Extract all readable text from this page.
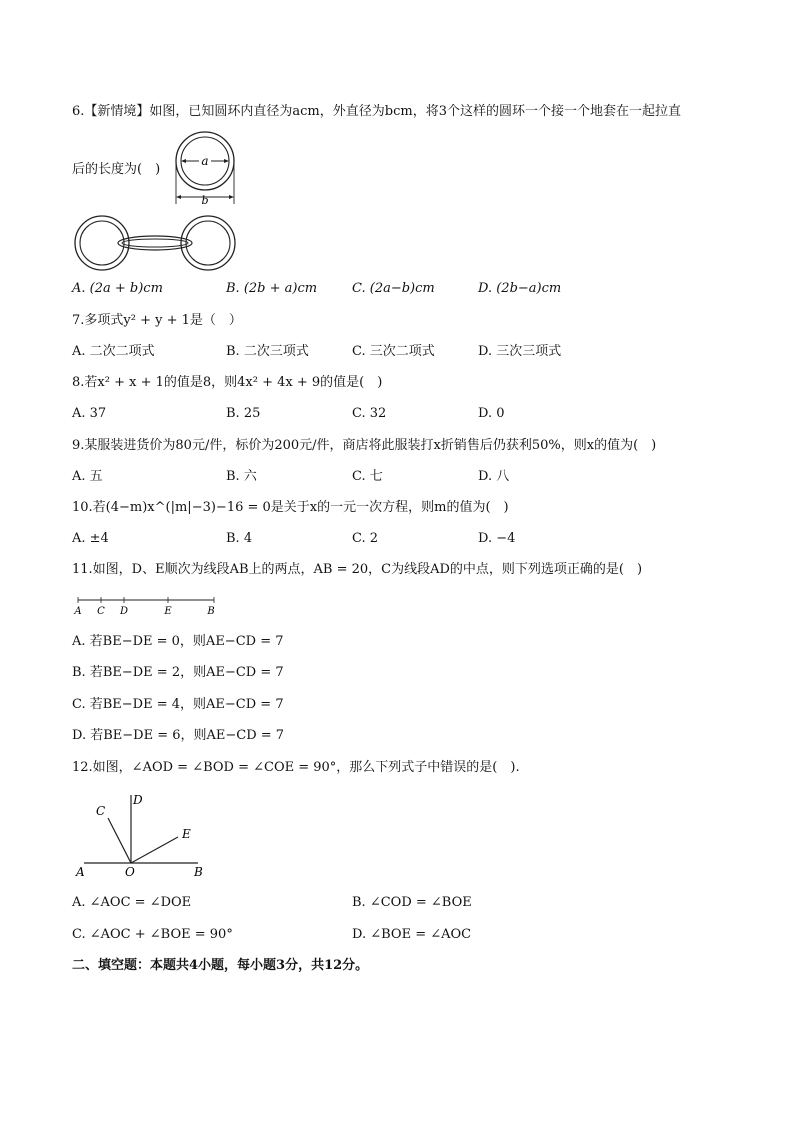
6.【新情境】如图，已知圆环内直径为acm，外直径为bcm，将3个这样的圆环一个接一个地套在一起拉直
后的长度为(　)
a
b
A. (2a + b)cm	B. (2b + a)cm	C. (2a−b)cm	D. (2b−a)cm
7.多项式y² + y + 1是（　）
A. 二次二项式	B. 二次三项式	C. 三次二项式	D. 三次三项式
8.若x² + x + 1的值是8，则4x² + 4x + 9的值是(　)
A. 37	B. 25	C. 32	D. 0
9.某服装进货价为80元/件，标价为200元/件，商店将此服装打x折销售后仍获利50%，则x的值为(　)
A. 五	B. 六	C. 七	D. 八
10.若(4−m)x^(|m|−3)−16 = 0是关于x的一元一次方程，则m的值为(　)
A. ±4	B. 4	C. 2	D. −4
11.如图，D、E顺次为线段AB上的两点，AB = 20，C为线段AD的中点，则下列选项正确的是(　)
A C D	E	B
A. 若BE−DE = 0，则AE−CD = 7
B. 若BE−DE = 2，则AE−CD = 7
C. 若BE−DE = 4，则AE−CD = 7
D. 若BE−DE = 6，则AE−CD = 7
12.如图，∠AOD = ∠BOD = ∠COE = 90°，那么下列式子中错误的是(　).
D
C
E
A	O	B
A. ∠AOC = ∠DOE	B. ∠COD = ∠BOE
C. ∠AOC + ∠BOE = 90°	D. ∠BOE = ∠AOC
二、填空题：本题共4小题，每小题3分，共12分。
